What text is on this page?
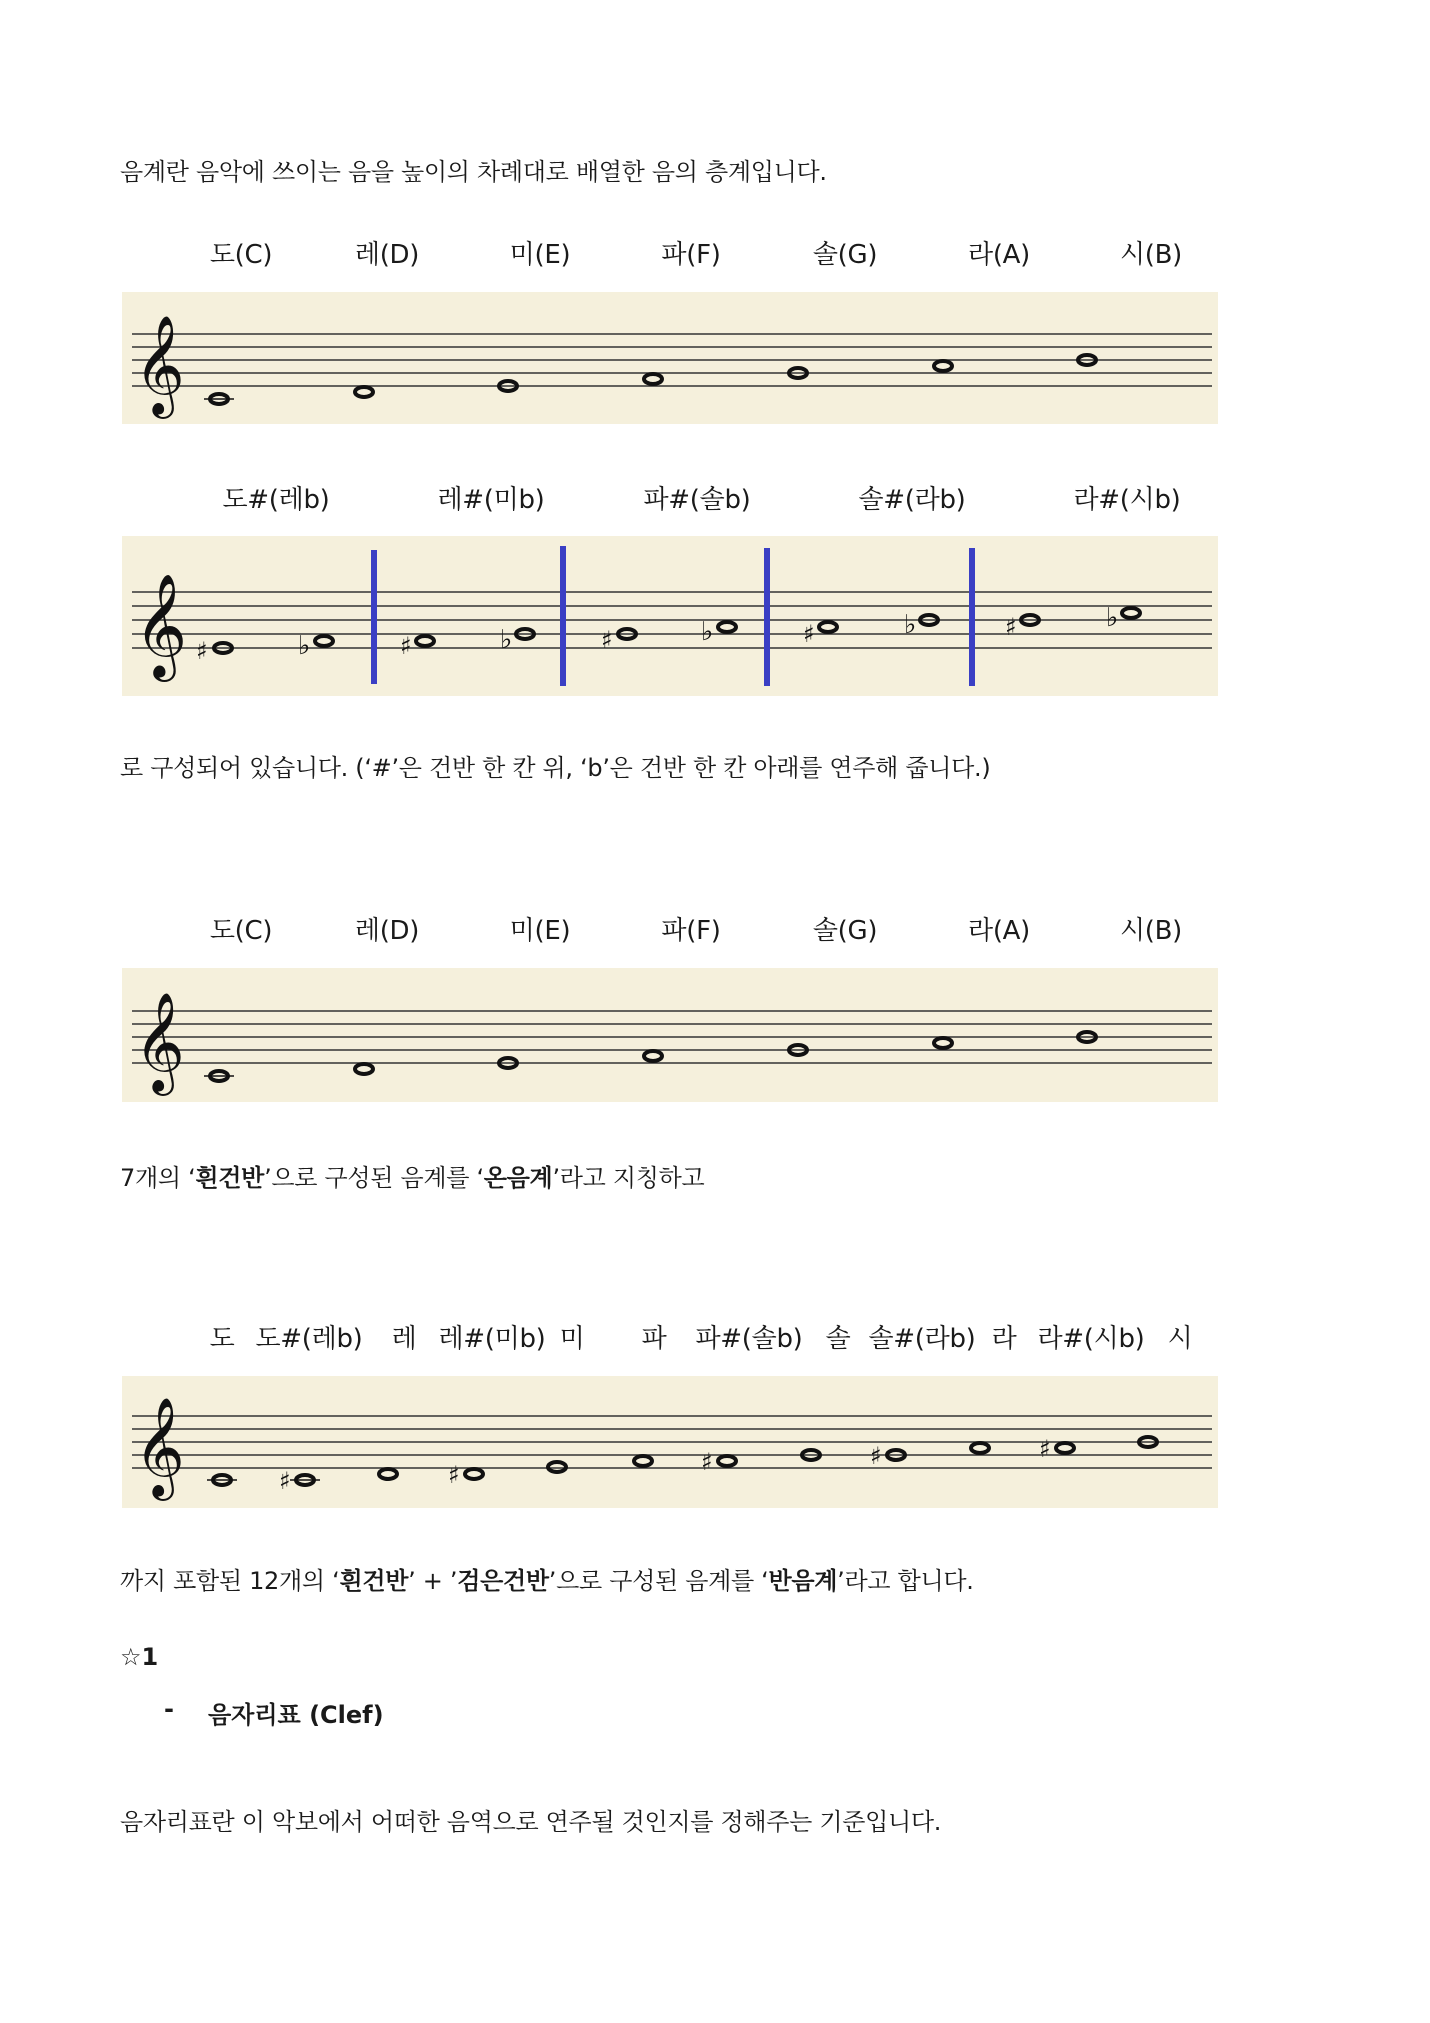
음계란 음악에 쓰이는 음을 높이의 차례대로 배열한 음의 층계입니다.

도(C)	레(D)	미(E)	파(F)	솔(G)	라(A)	시(B)
𝄞
도#(레b)	레#(미b)	파#(솔b)	솔#(라b)	라#(시b)
𝄞 ♯	♭	♯	♭	♯	♭	♯	♭	♯	♭

로 구성되어 있습니다. (‘#’은 건반 한 칸 위, ‘b’은 건반 한 칸 아래를 연주해 줍니다.)

도(C)	레(D)	미(E)	파(F)	솔(G)	라(A)	시(B)
𝄞

7개의 ‘흰건반’으로 구성된 음계를 ‘온음계’라고 지칭하고

도 도#(레b) 레 레#(미b) 미 파 파#(솔b) 솔 솔#(라b) 라 라#(시b) 시
𝄞	♯	♯	♯	♯	♯

까지 포함된 12개의 ‘흰건반’ + ’검은건반’으로 구성된 음계를 ‘반음계’라고 합니다.

☆1
- 음자리표 (Clef)

음자리표란 이 악보에서 어떠한 음역으로 연주될 것인지를 정해주는 기준입니다.
